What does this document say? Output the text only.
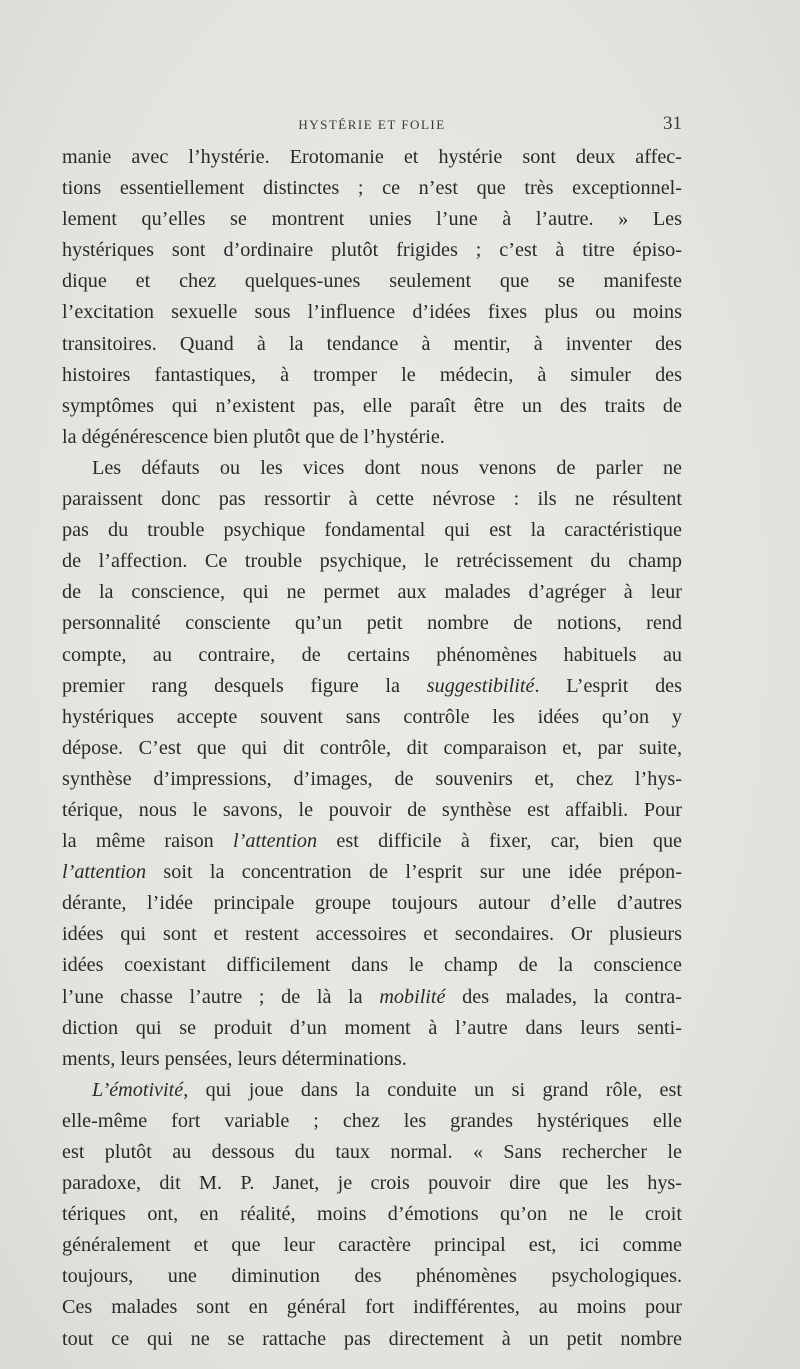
HYSTÉRIE ET FOLIE	31
manie avec l’hystérie. Erotomanie et hystérie sont deux affec-
tions essentiellement distinctes ; ce n’est que très exceptionnel-
lement qu’elles se montrent unies l’une à l’autre. » Les
hystériques sont d’ordinaire plutôt frigides ; c’est à titre épiso-
dique et chez quelques-unes seulement que se manifeste
l’excitation sexuelle sous l’influence d’idées fixes plus ou moins
transitoires. Quand à la tendance à mentir, à inventer des
histoires fantastiques, à tromper le médecin, à simuler des
symptômes qui n’existent pas, elle paraît être un des traits de
la dégénérescence bien plutôt que de l’hystérie.
Les défauts ou les vices dont nous venons de parler ne
paraissent donc pas ressortir à cette névrose : ils ne résultent
pas du trouble psychique fondamental qui est la caractéristique
de l’affection. Ce trouble psychique, le retrécissement du champ
de la conscience, qui ne permet aux malades d’agréger à leur
personnalité consciente qu’un petit nombre de notions, rend
compte, au contraire, de certains phénomènes habituels au
premier rang desquels figure la suggestibilité. L’esprit des
hystériques accepte souvent sans contrôle les idées qu’on y
dépose. C’est que qui dit contrôle, dit comparaison et, par suite,
synthèse d’impressions, d’images, de souvenirs et, chez l’hys-
térique, nous le savons, le pouvoir de synthèse est affaibli. Pour
la même raison l’attention est difficile à fixer, car, bien que
l’attention soit la concentration de l’esprit sur une idée prépon-
dérante, l’idée principale groupe toujours autour d’elle d’autres
idées qui sont et restent accessoires et secondaires. Or plusieurs
idées coexistant difficilement dans le champ de la conscience
l’une chasse l’autre ; de là la mobilité des malades, la contra-
diction qui se produit d’un moment à l’autre dans leurs senti-
ments, leurs pensées, leurs déterminations.
L’émotivité, qui joue dans la conduite un si grand rôle, est
elle-même fort variable ; chez les grandes hystériques elle
est plutôt au dessous du taux normal. « Sans rechercher le
paradoxe, dit M. P. Janet, je crois pouvoir dire que les hys-
tériques ont, en réalité, moins d’émotions qu’on ne le croit
généralement et que leur caractère principal est, ici comme
toujours, une diminution des phénomènes psychologiques.
Ces malades sont en général fort indifférentes, au moins pour
tout ce qui ne se rattache pas directement à un petit nombre
